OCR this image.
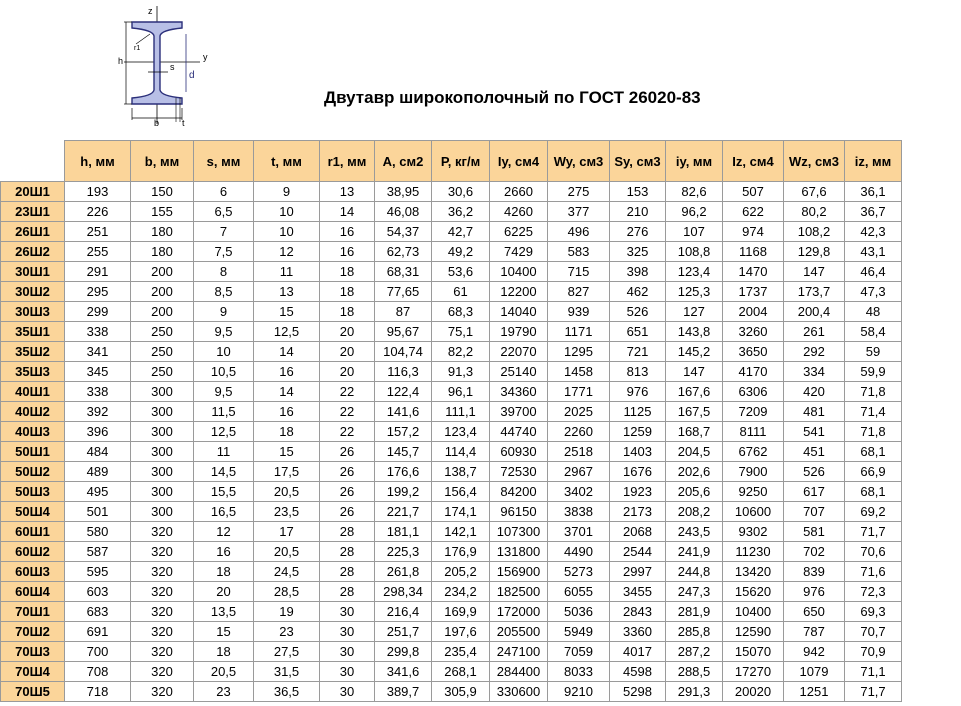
z
y
h
r1
s
d
b	t
Двутавр широкополочный по ГОСТ 26020-83
	h, мм	b, мм	s, мм	t, мм	r1, мм	A, см2	P, кг/м	Iy, см4	Wy, см3	Sy, см3	iy, мм	Iz, см4	Wz, см3	iz, мм
20Ш1	193	150	6	9	13	38,95	30,6	2660	275	153	82,6	507	67,6	36,1
23Ш1	226	155	6,5	10	14	46,08	36,2	4260	377	210	96,2	622	80,2	36,7
26Ш1	251	180	7	10	16	54,37	42,7	6225	496	276	107	974	108,2	42,3
26Ш2	255	180	7,5	12	16	62,73	49,2	7429	583	325	108,8	1168	129,8	43,1
30Ш1	291	200	8	11	18	68,31	53,6	10400	715	398	123,4	1470	147	46,4
30Ш2	295	200	8,5	13	18	77,65	61	12200	827	462	125,3	1737	173,7	47,3
30Ш3	299	200	9	15	18	87	68,3	14040	939	526	127	2004	200,4	48
35Ш1	338	250	9,5	12,5	20	95,67	75,1	19790	1171	651	143,8	3260	261	58,4
35Ш2	341	250	10	14	20	104,74	82,2	22070	1295	721	145,2	3650	292	59
35Ш3	345	250	10,5	16	20	116,3	91,3	25140	1458	813	147	4170	334	59,9
40Ш1	338	300	9,5	14	22	122,4	96,1	34360	1771	976	167,6	6306	420	71,8
40Ш2	392	300	11,5	16	22	141,6	111,1	39700	2025	1125	167,5	7209	481	71,4
40Ш3	396	300	12,5	18	22	157,2	123,4	44740	2260	1259	168,7	8111	541	71,8
50Ш1	484	300	11	15	26	145,7	114,4	60930	2518	1403	204,5	6762	451	68,1
50Ш2	489	300	14,5	17,5	26	176,6	138,7	72530	2967	1676	202,6	7900	526	66,9
50Ш3	495	300	15,5	20,5	26	199,2	156,4	84200	3402	1923	205,6	9250	617	68,1
50Ш4	501	300	16,5	23,5	26	221,7	174,1	96150	3838	2173	208,2	10600	707	69,2
60Ш1	580	320	12	17	28	181,1	142,1	107300	3701	2068	243,5	9302	581	71,7
60Ш2	587	320	16	20,5	28	225,3	176,9	131800	4490	2544	241,9	11230	702	70,6
60Ш3	595	320	18	24,5	28	261,8	205,2	156900	5273	2997	244,8	13420	839	71,6
60Ш4	603	320	20	28,5	28	298,34	234,2	182500	6055	3455	247,3	15620	976	72,3
70Ш1	683	320	13,5	19	30	216,4	169,9	172000	5036	2843	281,9	10400	650	69,3
70Ш2	691	320	15	23	30	251,7	197,6	205500	5949	3360	285,8	12590	787	70,7
70Ш3	700	320	18	27,5	30	299,8	235,4	247100	7059	4017	287,2	15070	942	70,9
70Ш4	708	320	20,5	31,5	30	341,6	268,1	284400	8033	4598	288,5	17270	1079	71,1
70Ш5	718	320	23	36,5	30	389,7	305,9	330600	9210	5298	291,3	20020	1251	71,7
